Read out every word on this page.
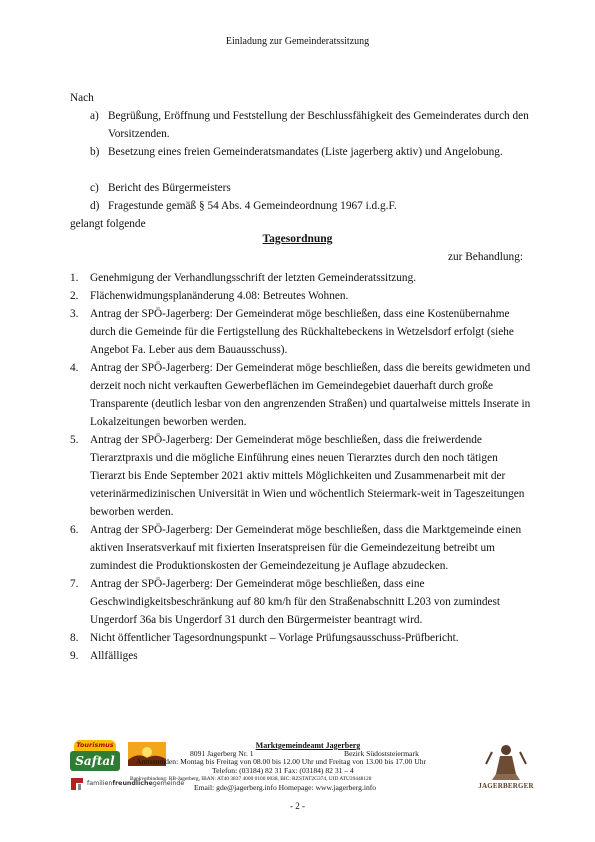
Einladung zur Gemeinderatssitzung
Nach
a) Begrüßung, Eröffnung und Feststellung der Beschlussfähigkeit des Gemeinderates durch den Vorsitzenden.
b) Besetzung eines freien Gemeinderatsmandates (Liste jagerberg aktiv) und Angelobung.
c) Bericht des Bürgermeisters
d) Fragestunde gemäß § 54 Abs. 4 Gemeindeordnung 1967 i.d.g.F.
gelangt folgende
Tagesordnung
zur Behandlung:
1. Genehmigung der Verhandlungsschrift der letzten Gemeinderatssitzung.
2. Flächenwidmungsplanänderung 4.08: Betreutes Wohnen.
3. Antrag der SPÖ-Jagerberg: Der Gemeinderat möge beschließen, dass eine Kostenübernahme durch die Gemeinde für die Fertigstellung des Rückhaltebeckens in Wetzelsdorf erfolgt (siehe Angebot Fa. Leber aus dem Bauausschuss).
4. Antrag der SPÖ-Jagerberg: Der Gemeinderat möge beschließen, dass die bereits gewidmeten und derzeit noch nicht verkauften Gewerbeflächen im Gemeindegebiet dauerhaft durch große Transparente (deutlich lesbar von den angrenzenden Straßen) und quartalweise mittels Inserate in Lokalzeitungen beworben werden.
5. Antrag der SPÖ-Jagerberg: Der Gemeinderat möge beschließen, dass die freiwerdende Tierarztpraxis und die mögliche Einführung eines neuen Tierarztes durch den noch tätigen Tierarzt bis Ende September 2021 aktiv mittels Möglichkeiten und Zusammenarbeit mit der veterinärmedizinischen Universität in Wien und wöchentlich Steiermark-weit in Tageszeitungen beworben werden.
6. Antrag der SPÖ-Jagerberg: Der Gemeinderat möge beschließen, dass die Marktgemeinde einen aktiven Inseratsverkauf mit fixierten Inseratspreisen für die Gemeindezeitung betreibt um zumindest die Produktionskosten der Gemeindezeitung je Auflage abzudecken.
7. Antrag der SPÖ-Jagerberg: Der Gemeinderat möge beschließen, dass eine Geschwindigkeitsbeschränkung auf 80 km/h für den Straßenabschnitt L203 von zumindest Ungerdorf 36a bis Ungerdorf 31 durch den Bürgermeister beantragt wird.
8. Nicht öffentlicher Tagesordnungspunkt – Vorlage Prüfungsausschuss-Prüfbericht.
9. Allfälliges
Tourismus
Saftal
familienfreundlichegemeinde	JAGERBERGER
Marktgemeindeamt Jagerberg
8091 Jagerberg Nr. 1	Bezirk Südoststeiermark
Amtsstunden: Montag bis Freitag von 08.00 bis 12.00 Uhr und Freitag von 13.00 bis 17.00 Uhr
Telefon: (03184) 82 31 Fax: (03184) 82 31 – 4
Bankverbindung: RB-Jagerberg, IBAN: AT40 3837 4000 0100 0038, BIC: RZSTAT2G374, UID ATU39448128
Email: gde@jagerberg.info Homepage: www.jagerberg.info
- 2 -
